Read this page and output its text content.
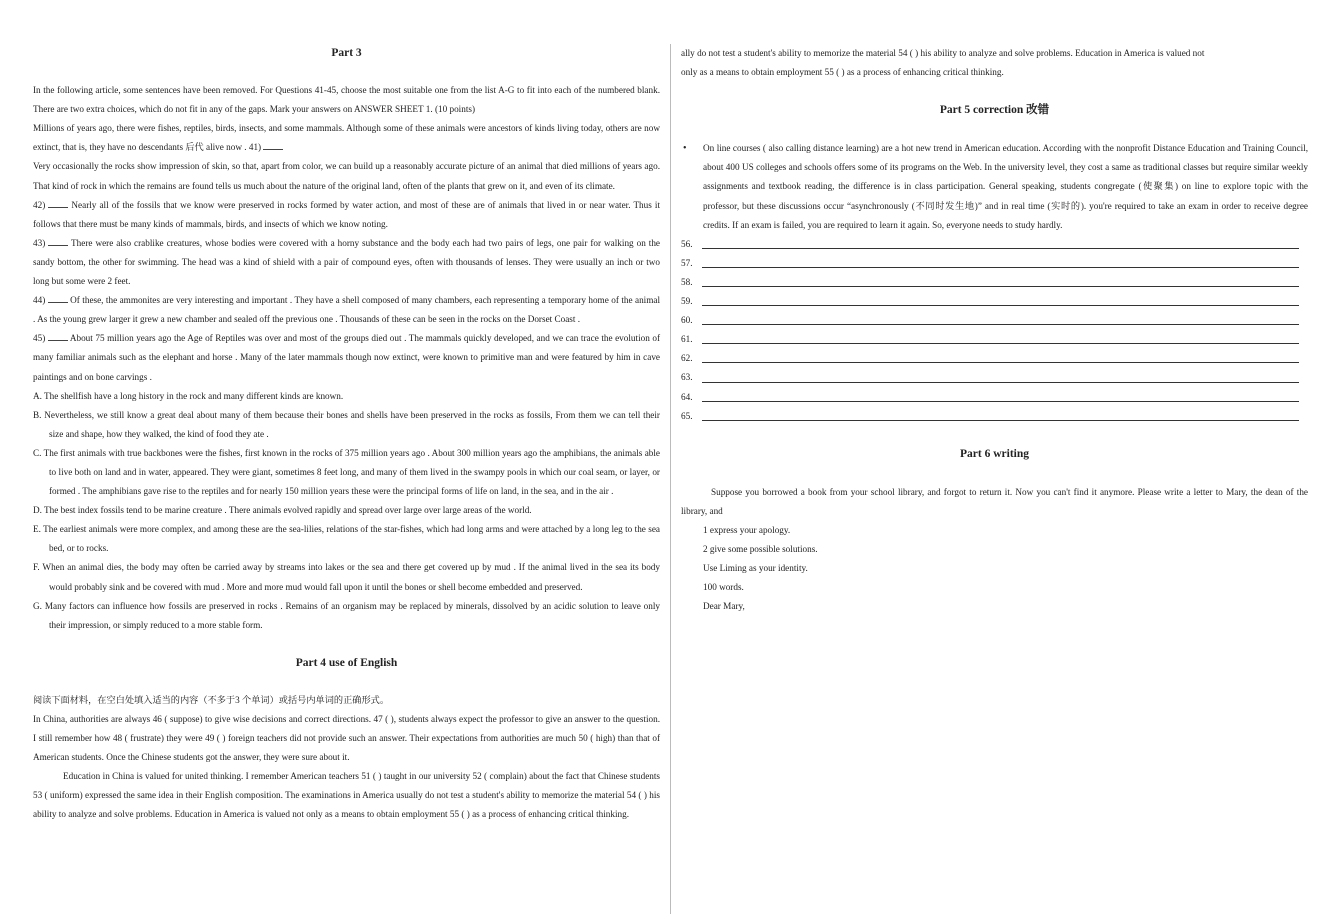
Part 3

In the following article, some sentences have been removed. For Questions 41-45, choose the most suitable one from the list A-G to fit into each of the numbered blank. There are two extra choices, which do not fit in any of the gaps. Mark your answers on ANSWER SHEET 1. (10 points)

Millions of years ago, there were fishes, reptiles, birds, insects, and some mammals. Although some of these animals were ancestors of kinds living today, others are now extinct, that is, they have no descendants 后代 alive now . 41)

Very occasionally the rocks show impression of skin, so that, apart from color, we can build up a reasonably accurate picture of an animal that died millions of years ago. That kind of rock in which the remains are found tells us much about the nature of the original land, often of the plants that grew on it, and even of its climate.

42)	Nearly all of the fossils that we know were preserved in rocks formed by water action, and most of these are of animals that lived in or near water. Thus it follows that there must be many kinds of mammals, birds, and insects of which we know noting.

43)	There were also crablike creatures, whose bodies were covered with a horny substance and the body each had two pairs of legs, one pair for walking on the sandy bottom, the other for swimming. The head was a kind of shield with a pair of compound eyes, often with thousands of lenses. They were usually an inch or two long but some were 2 feet.

44)	Of these, the ammonites are very interesting and important . They have a shell composed of many chambers, each representing a temporary home of the animal . As the young grew larger it grew a new chamber and sealed off the previous one . Thousands of these can be seen in the rocks on the Dorset Coast .

45)	About 75 million years ago the Age of Reptiles was over and most of the groups died out . The mammals quickly developed, and we can trace the evolution of many familiar animals such as the elephant and horse . Many of the later mammals though now extinct, were known to primitive man and were featured by him in cave paintings and on bone carvings .

A. The shellfish have a long history in the rock and many different kinds are known.

B. Nevertheless, we still know a great deal about many of them because their bones and shells have been preserved in the rocks as fossils, From them we can tell their size and shape, how they walked, the kind of food they ate .

C. The first animals with true backbones were the fishes, first known in the rocks of 375 million years ago . About 300 million years ago the amphibians, the animals able to live both on land and in water, appeared. They were giant, sometimes 8 feet long, and many of them lived in the swampy pools in which our coal seam, or layer, or formed . The amphibians gave rise to the reptiles and for nearly 150 million years these were the principal forms of life on land, in the sea, and in the air .

D. The best index fossils tend to be marine creature . There animals evolved rapidly and spread over large over large areas of the world.

E. The earliest animals were more complex, and among these are the sea-lilies, relations of the star-fishes, which had long arms and were attached by a long leg to the sea bed, or to rocks.

F. When an animal dies, the body may often be carried away by streams into lakes or the sea and there get covered up by mud . If the animal lived in the sea its body would probably sink and be covered with mud . More and more mud would fall upon it until the bones or shell become embedded and preserved.

G. Many factors can influence how fossils are preserved in rocks . Remains of an organism may be replaced by minerals, dissolved by an acidic solution to leave only their impression, or simply reduced to a more stable form.

Part 4 use of English

阅读下面材料，在空白处填入适当的内容（不多于3 个单词）或括号内单词的正确形式。

In China, authorities are always 46 ( suppose) to give wise decisions and correct directions. 47 ( ), students always expect the professor to give an answer to the question. I still remember how 48 ( frustrate) they were 49 ( ) foreign teachers did not provide such an answer. Their expectations from authorities are much 50 ( high) than that of American students. Once the Chinese students got the answer, they were sure about it.

Education in China is valued for united thinking. I remember American teachers 51 ( ) taught in our university 52 ( complain) about the fact that Chinese students 53 ( uniform) expressed the same idea in their English composition. The examinations in America usually do not test a student's ability to memorize the material 54 ( ) his ability to analyze and solve problems. Education in America is valued not only as a means to obtain employment 55 ( ) as a process of enhancing critical thinking.

ally do not test a student's ability to memorize the material 54 ( ) his ability to analyze and solve problems. Education in America is valued not

only as a means to obtain employment 55 ( ) as a process of enhancing critical thinking.

Part 5 correction 改错
• On line courses ( also calling distance learning) are a hot new trend in American education. According with the nonprofit Distance Education and Training Council, about 400 US colleges and schools offers some of its programs on the Web. In the university level, they cost a same as traditional classes but require similar weekly assignments and textbook reading, the difference is in class participation. General speaking, students congregate (使聚集) on line to explore topic with the professor, but these discussions occur “asynchronously (不同时发生地)” and in real time (实时的). you're required to take an exam in order to receive degree credits. If an exam is failed, you are required to learn it again. So, everyone needs to study hardly.

56.
57.
58.
59.
60.
61.
62.
63.
64.
65.
Part 6 writing

Suppose you borrowed a book from your school library, and forgot to return it. Now you can't find it anymore. Please write a letter to Mary, the dean of the library, and

1 express your apology.

2 give some possible solutions.

Use Liming as your identity.

100 words.

Dear Mary,
